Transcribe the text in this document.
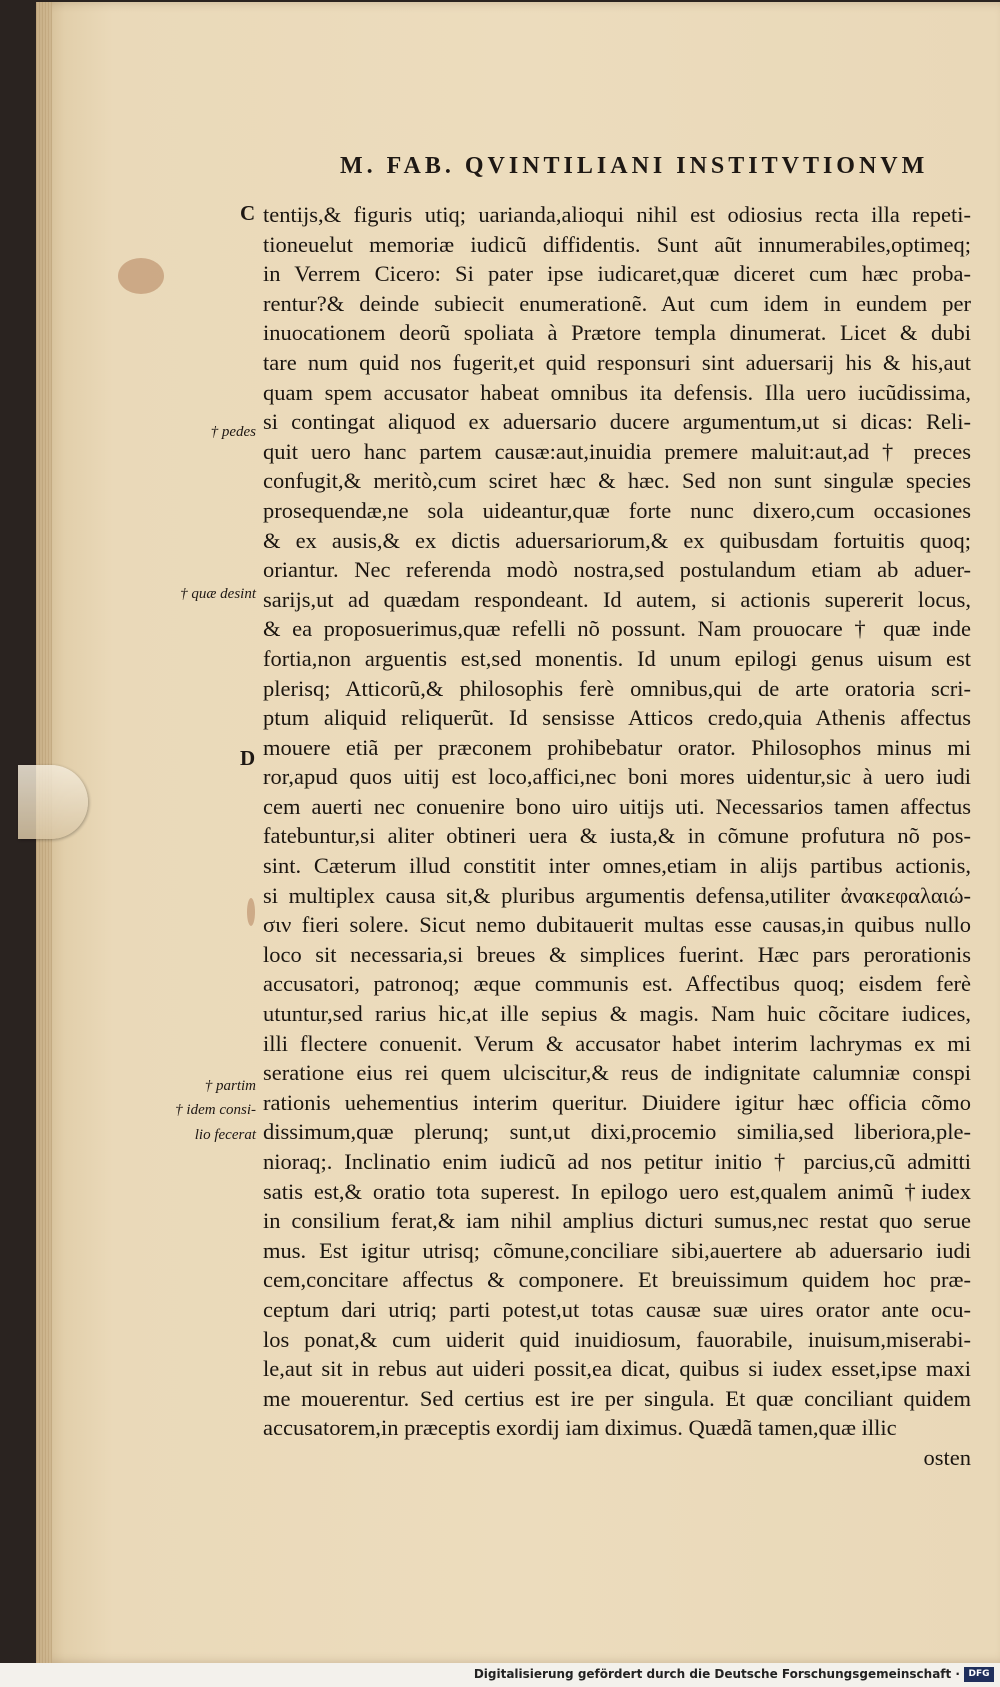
M. FAB. QVINTILIANI INSTITVTIONVM
C
D
† pedes
† quæ desint
† partim
† idem consi-
lio fecerat
tentijs,& figuris utiq; uarianda,alioqui nihil est odiosius recta illa repeti-
tioneuelut memoriæ iudicũ diffidentis. Sunt aũt innumerabiles,optimeq;
in Verrem Cicero: Si pater ipse iudicaret,quæ diceret cum hæc proba-
rentur?& deinde subiecit enumerationẽ. Aut cum idem in eundem per
inuocationem deorũ spoliata à Prætore templa dinumerat. Licet & dubi
tare num quid nos fugerit,et quid responsuri sint aduersarij his & his,aut
quam spem accusator habeat omnibus ita defensis. Illa uero iucũdissima,
si contingat aliquod ex aduersario ducere argumentum,ut si dicas: Reli-
quit uero hanc partem causæ:aut,inuidia premere maluit:aut,ad † preces
confugit,& meritò,cum sciret hæc & hæc. Sed non sunt singulæ species
prosequendæ,ne sola uideantur,quæ forte nunc dixero,cum occasiones
& ex ausis,& ex dictis aduersariorum,& ex quibusdam fortuitis quoq;
oriantur. Nec referenda modò nostra,sed postulandum etiam ab aduer-
sarijs,ut ad quædam respondeant. Id autem, si actionis supererit locus,
& ea proposuerimus,quæ refelli nõ possunt. Nam prouocare † quæ inde
fortia,non arguentis est,sed monentis. Id unum epilogi genus uisum est
plerisq; Atticorũ,& philosophis ferè omnibus,qui de arte oratoria scri-
ptum aliquid reliquerũt. Id sensisse Atticos credo,quia Athenis affectus
mouere etiã per præconem prohibebatur orator. Philosophos minus mi
ror,apud quos uitij est loco,affici,nec boni mores uidentur,sic à uero iudi
cem auerti nec conuenire bono uiro uitijs uti. Necessarios tamen affectus
fatebuntur,si aliter obtineri uera & iusta,& in cõmune profutura nõ pos-
sint. Cæterum illud constitit inter omnes,etiam in alijs partibus actionis,
si multiplex causa sit,& pluribus argumentis defensa,utiliter ἀνακεφαλαιώ-
σιν fieri solere. Sicut nemo dubitauerit multas esse causas,in quibus nullo
loco sit necessaria,si breues & simplices fuerint. Hæc pars perorationis
accusatori, patronoq; æque communis est. Affectibus quoq; eisdem ferè
utuntur,sed rarius hic,at ille sepius & magis. Nam huic cõcitare iudices,
illi flectere conuenit. Verum & accusator habet interim lachrymas ex mi
seratione eius rei quem ulciscitur,& reus de indignitate calumniæ conspi
rationis uehementius interim queritur. Diuidere igitur hæc officia cõmo
dissimum,quæ plerunq; sunt,ut dixi,procemio similia,sed liberiora,ple-
nioraq;. Inclinatio enim iudicũ ad nos petitur initio † parcius,cũ admitti
satis est,& oratio tota superest. In epilogo uero est,qualem animũ †iudex
in consilium ferat,& iam nihil amplius dicturi sumus,nec restat quo serue
mus. Est igitur utrisq; cõmune,conciliare sibi,auertere ab aduersario iudi
cem,concitare affectus & componere. Et breuissimum quidem hoc præ-
ceptum dari utriq; parti potest,ut totas causæ suæ uires orator ante ocu-
los ponat,& cum uiderit quid inuidiosum, fauorabile, inuisum,miserabi-
le,aut sit in rebus aut uideri possit,ea dicat, quibus si iudex esset,ipse maxi
me mouerentur. Sed certius est ire per singula. Et quæ conciliant quidem
accusatorem,in præceptis exordij iam diximus. Quædã tamen,quæ illic
osten
Digitalisierung gefördert durch die Deutsche Forschungsgemeinschaft · DFG
